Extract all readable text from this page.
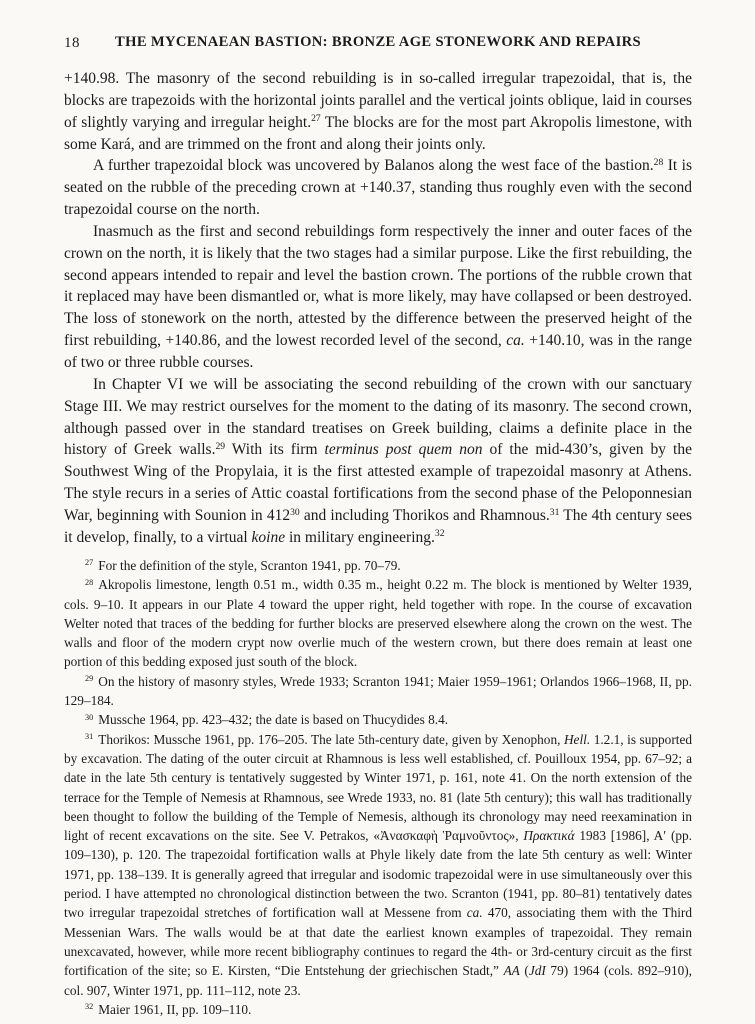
18	THE MYCENAEAN BASTION: BRONZE AGE STONEWORK AND REPAIRS

+140.98. The masonry of the second rebuilding is in so-called irregular trapezoidal, that is, the blocks are trapezoids with the horizontal joints parallel and the vertical joints oblique, laid in courses of slightly varying and irregular height.$^{27}$ The blocks are for the most part Akropolis limestone, with some Kará, and are trimmed on the front and along their joints only.

A further trapezoidal block was uncovered by Balanos along the west face of the bastion.$^{28}$ It is seated on the rubble of the preceding crown at +140.37, standing thus roughly even with the second trapezoidal course on the north.

Inasmuch as the first and second rebuildings form respectively the inner and outer faces of the crown on the north, it is likely that the two stages had a similar purpose. Like the first rebuilding, the second appears intended to repair and level the bastion crown. The portions of the rubble crown that it replaced may have been dismantled or, what is more likely, may have collapsed or been destroyed. The loss of stonework on the north, attested by the difference between the preserved height of the first rebuilding, +140.86, and the lowest recorded level of the second, ca. +140.10, was in the range of two or three rubble courses.

In Chapter VI we will be associating the second rebuilding of the crown with our sanctuary Stage III. We may restrict ourselves for the moment to the dating of its masonry. The second crown, although passed over in the standard treatises on Greek building, claims a definite place in the history of Greek walls.$^{29}$ With its firm terminus post quem non of the mid-430’s, given by the Southwest Wing of the Propylaia, it is the first attested example of trapezoidal masonry at Athens. The style recurs in a series of Attic coastal fortifications from the second phase of the Peloponnesian War, beginning with Sounion in $412^{30}$ and including Thorikos and Rhamnous.$^{31}$ The 4th century sees it develop, finally, to a virtual koine in military engineering.$^{32}$

$^{27}$ For the definition of the style, Scranton 1941, pp. 70–79.

$^{28}$ Akropolis limestone, length 0.51 m., width 0.35 m., height 0.22 m. The block is mentioned by Welter 1939, cols. 9–10. It appears in our Plate 4 toward the upper right, held together with rope. In the course of excavation Welter noted that traces of the bedding for further blocks are preserved elsewhere along the crown on the west. The walls and floor of the modern crypt now overlie much of the western crown, but there does remain at least one portion of this bedding exposed just south of the block.

$^{29}$ On the history of masonry styles, Wrede 1933; Scranton 1941; Maier 1959–1961; Orlandos 1966–1968, II, pp. 129–184.

$^{30}$ Mussche 1964, pp. 423–432; the date is based on Thucydides 8.4.

$^{31}$ Thorikos: Mussche 1961, pp. 176–205. The late 5th-century date, given by Xenophon, Hell. 1.2.1, is supported by excavation. The dating of the outer circuit at Rhamnous is less well established, cf. Pouilloux 1954, pp. 67–92; a date in the late 5th century is tentatively suggested by Winter 1971, p. 161, note 41. On the north extension of the terrace for the Temple of Nemesis at Rhamnous, see Wrede 1933, no. 81 (late 5th century); this wall has traditionally been thought to follow the building of the Temple of Nemesis, although its chronology may need reexamination in light of recent excavations on the site. See V. Petrakos, «Ἀνασκαφὴ Ῥαμνοῦντος», Πρακτικά 1983 [1986], Α′ (pp. 109–130), p. 120. The trapezoidal fortification walls at Phyle likely date from the late 5th century as well: Winter 1971, pp. 138–139. It is generally agreed that irregular and isodomic trapezoidal were in use simultaneously over this period. I have attempted no chronological distinction between the two. Scranton (1941, pp. 80–81) tentatively dates two irregular trapezoidal stretches of fortification wall at Messene from ca. 470, associating them with the Third Messenian Wars. The walls would be at that date the earliest known examples of trapezoidal. They remain unexcavated, however, while more recent bibliography continues to regard the 4th- or 3rd-century circuit as the first fortification of the site; so E. Kirsten, “Die Entstehung der griechischen Stadt,” AA (JdI 79) 1964 (cols. 892–910), col. 907, Winter 1971, pp. 111–112, note 23.

$^{32}$ Maier 1961, II, pp. 109–110.
